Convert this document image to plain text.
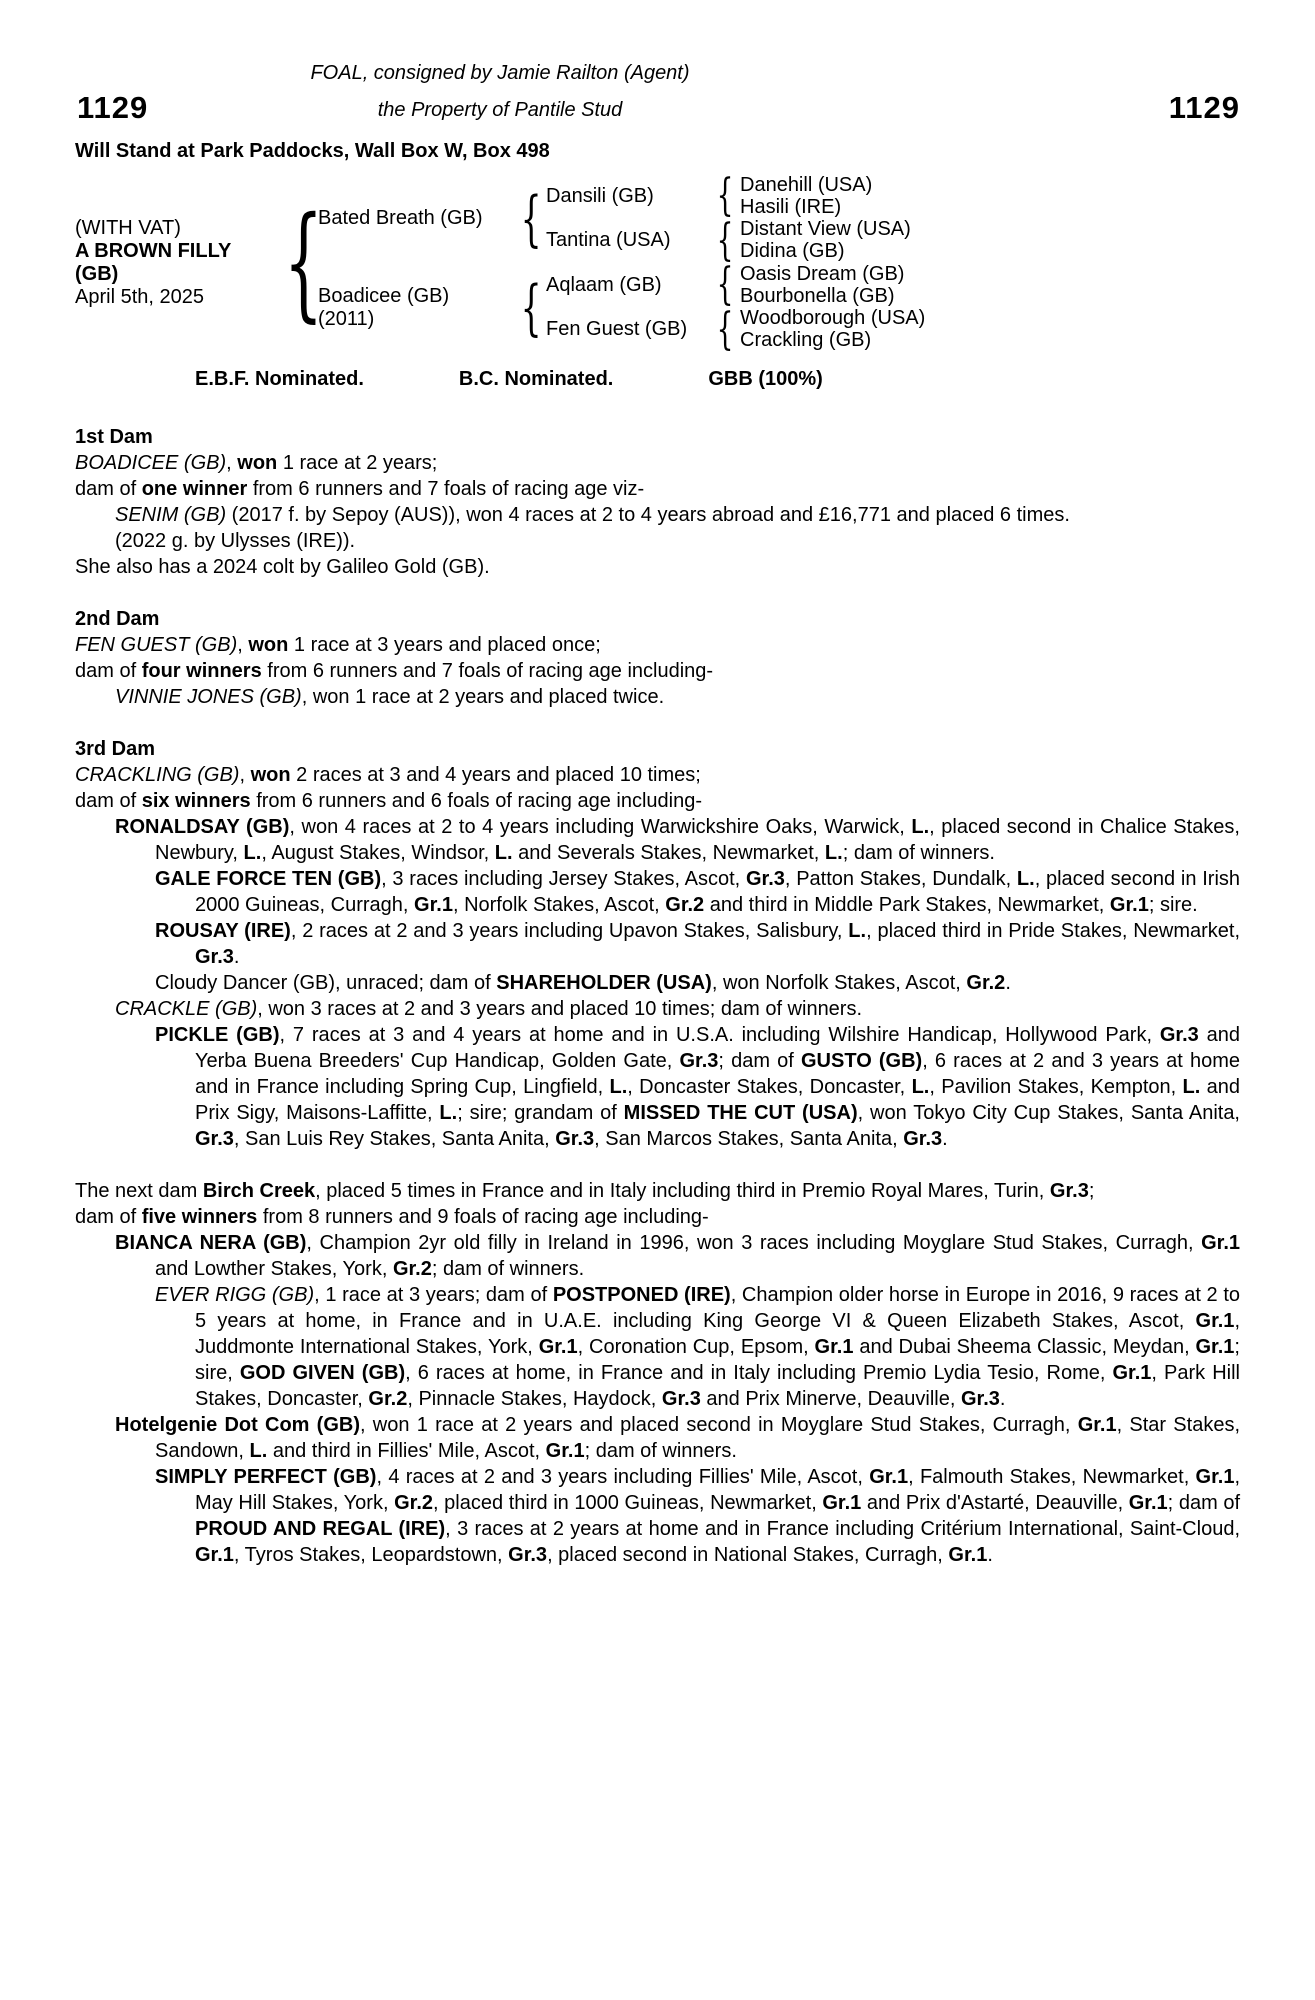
FOAL, consigned by Jamie Railton (Agent)
1129	the Property of Pantile Stud	1129
Will Stand at Park Paddocks, Wall Box W, Box 498
(WITH VAT)
A BROWN FILLY
(GB)
April 5th, 2025
{
Bated Breath (GB)
Boadicee (GB)
(2011)
{
{
Dansili (GB)
Tantina (USA)
Aqlaam (GB)
Fen Guest (GB)
{
{
{
{
Danehill (USA)
Hasili (IRE)
Distant View (USA)
Didina (GB)
Oasis Dream (GB)
Bourbonella (GB)
Woodborough (USA)
Crackling (GB)
E.B.F. Nominated.	B.C. Nominated.	GBB (100%)
1st Dam
BOADICEE (GB), won 1 race at 2 years;
dam of one winner from 6 runners and 7 foals of racing age viz-
SENIM (GB) (2017 f. by Sepoy (AUS)), won 4 races at 2 to 4 years abroad and £16,771 and placed 6 times.
(2022 g. by Ulysses (IRE)).
She also has a 2024 colt by Galileo Gold (GB).
2nd Dam
FEN GUEST (GB), won 1 race at 3 years and placed once;
dam of four winners from 6 runners and 7 foals of racing age including-
VINNIE JONES (GB), won 1 race at 2 years and placed twice.
3rd Dam
CRACKLING (GB), won 2 races at 3 and 4 years and placed 10 times;
dam of six winners from 6 runners and 6 foals of racing age including-
RONALDSAY (GB), won 4 races at 2 to 4 years including Warwickshire Oaks, Warwick, L., placed second in Chalice Stakes, Newbury, L., August Stakes, Windsor, L. and Severals Stakes, Newmarket, L.; dam of winners.
GALE FORCE TEN (GB), 3 races including Jersey Stakes, Ascot, Gr.3, Patton Stakes, Dundalk, L., placed second in Irish 2000 Guineas, Curragh, Gr.1, Norfolk Stakes, Ascot, Gr.2 and third in Middle Park Stakes, Newmarket, Gr.1; sire.
ROUSAY (IRE), 2 races at 2 and 3 years including Upavon Stakes, Salisbury, L., placed third in Pride Stakes, Newmarket, Gr.3.
Cloudy Dancer (GB), unraced; dam of SHAREHOLDER (USA), won Norfolk Stakes, Ascot, Gr.2.
CRACKLE (GB), won 3 races at 2 and 3 years and placed 10 times; dam of winners.
PICKLE (GB), 7 races at 3 and 4 years at home and in U.S.A. including Wilshire Handicap, Hollywood Park, Gr.3 and Yerba Buena Breeders' Cup Handicap, Golden Gate, Gr.3; dam of GUSTO (GB), 6 races at 2 and 3 years at home and in France including Spring Cup, Lingfield, L., Doncaster Stakes, Doncaster, L., Pavilion Stakes, Kempton, L. and Prix Sigy, Maisons-Laffitte, L.; sire; grandam of MISSED THE CUT (USA), won Tokyo City Cup Stakes, Santa Anita, Gr.3, San Luis Rey Stakes, Santa Anita, Gr.3, San Marcos Stakes, Santa Anita, Gr.3.
The next dam Birch Creek, placed 5 times in France and in Italy including third in Premio Royal Mares, Turin, Gr.3;
dam of five winners from 8 runners and 9 foals of racing age including-
BIANCA NERA (GB), Champion 2yr old filly in Ireland in 1996, won 3 races including Moyglare Stud Stakes, Curragh, Gr.1 and Lowther Stakes, York, Gr.2; dam of winners.
EVER RIGG (GB), 1 race at 3 years; dam of POSTPONED (IRE), Champion older horse in Europe in 2016, 9 races at 2 to 5 years at home, in France and in U.A.E. including King George VI & Queen Elizabeth Stakes, Ascot, Gr.1, Juddmonte International Stakes, York, Gr.1, Coronation Cup, Epsom, Gr.1 and Dubai Sheema Classic, Meydan, Gr.1; sire, GOD GIVEN (GB), 6 races at home, in France and in Italy including Premio Lydia Tesio, Rome, Gr.1, Park Hill Stakes, Doncaster, Gr.2, Pinnacle Stakes, Haydock, Gr.3 and Prix Minerve, Deauville, Gr.3.
Hotelgenie Dot Com (GB), won 1 race at 2 years and placed second in Moyglare Stud Stakes, Curragh, Gr.1, Star Stakes, Sandown, L. and third in Fillies' Mile, Ascot, Gr.1; dam of winners.
SIMPLY PERFECT (GB), 4 races at 2 and 3 years including Fillies' Mile, Ascot, Gr.1, Falmouth Stakes, Newmarket, Gr.1, May Hill Stakes, York, Gr.2, placed third in 1000 Guineas, Newmarket, Gr.1 and Prix d'Astarté, Deauville, Gr.1; dam of PROUD AND REGAL (IRE), 3 races at 2 years at home and in France including Critérium International, Saint-Cloud, Gr.1, Tyros Stakes, Leopardstown, Gr.3, placed second in National Stakes, Curragh, Gr.1.
